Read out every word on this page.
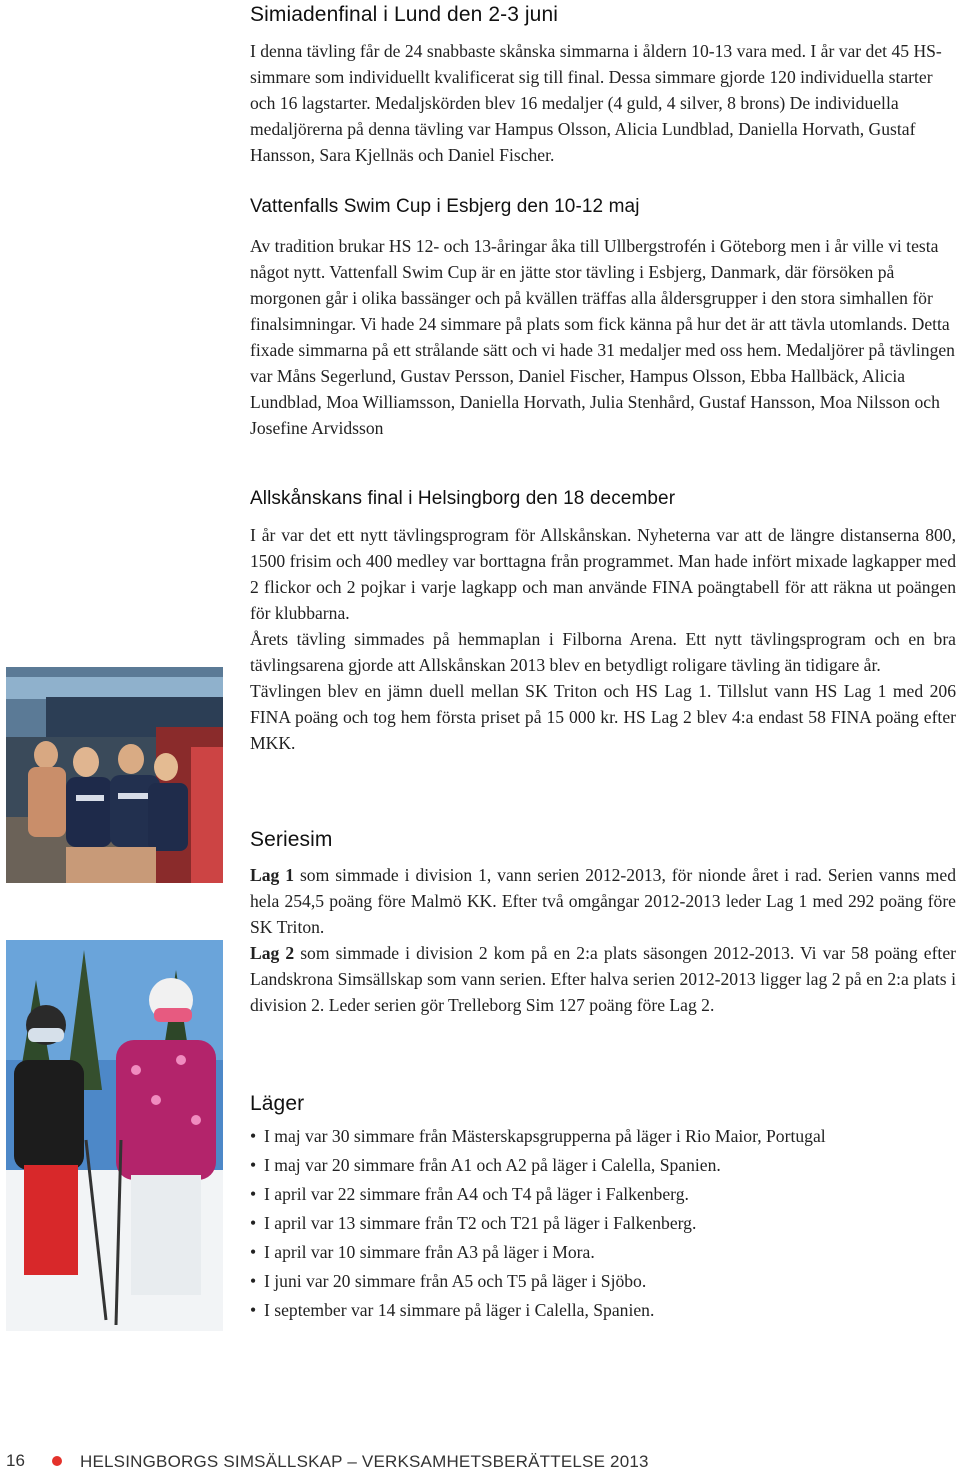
Simiadenfinal i Lund den 2-3 juni

I denna tävling får de 24 snabbaste skånska simmarna i åldern 10-13 vara med. I år var det 45 HS-simmare som individuellt kvalificerat sig till final. Dessa simmare gjorde 120 individuella starter och 16 lagstarter. Medaljskörden blev 16 medaljer (4 guld, 4 silver, 8 brons) De individuella medaljörerna på denna tävling var Hampus Olsson, Alicia Lundblad, Daniella Horvath, Gustaf Hansson, Sara Kjellnäs och Daniel Fischer.

Vattenfalls Swim Cup i Esbjerg den 10-12 maj

Av tradition brukar HS 12- och 13-åringar åka till Ullbergstrofén i Göteborg men i år ville vi testa något nytt. Vattenfall Swim Cup är en jätte stor tävling i Esbjerg, Danmark, där försöken på morgonen går i olika bassänger och på kvällen träffas alla åldersgrupper i den stora simhallen för finalsimningar. Vi hade 24 simmare på plats som fick känna på hur det är att tävla utomlands. Detta fixade simmarna på ett strålande sätt och vi hade 31 medaljer med oss hem. Medaljörer på tävlingen var Måns Segerlund, Gustav Persson, Daniel Fischer, Hampus Olsson, Ebba Hallbäck, Alicia Lundblad, Moa Williamsson, Daniella Horvath, Julia Stenhård, Gustaf Hansson, Moa Nilsson och Josefine Arvidsson

Allskånskans final i Helsingborg den 18 december

I år var det ett nytt tävlingsprogram för Allskånskan. Nyheterna var att de längre distanserna 800, 1500 frisim och 400 medley var borttagna från programmet. Man hade infört mixade lagkapper med 2 flickor och 2 pojkar i varje lagkapp och man använde FINA poängtabell för att räkna ut poängen för klubbarna.

Årets tävling simmades på hemmaplan i Filborna Arena. Ett nytt tävlingsprogram och en bra tävlingsarena gjorde att Allskånskan 2013 blev en betydligt roligare tävling än tidigare år.

Tävlingen blev en jämn duell mellan SK Triton och HS Lag 1. Tillslut vann HS Lag 1 med 206 FINA poäng och tog hem första priset på 15 000 kr. HS Lag 2 blev 4:a endast 58 FINA poäng efter MKK.

Seriesim

Lag 1 som simmade i division 1, vann serien 2012-2013, för nionde året i rad. Serien vanns med hela 254,5 poäng före Malmö KK. Efter två omgångar 2012-2013 leder Lag 1 med 292 poäng före SK Triton.

Lag 2 som simmade i division 2 kom på en 2:a plats säsongen 2012-2013. Vi var 58 poäng efter Landskrona Simsällskap som vann serien. Efter halva serien 2012-2013 ligger lag 2 på en 2:a plats i division 2. Leder serien gör Trelleborg Sim 127 poäng före Lag 2.

Läger
• I maj var 30 simmare från Mästerskapsgrupperna på läger i Rio Maior, Portugal
• I maj var 20 simmare från A1 och A2 på läger i Calella, Spanien.
• I april var 22 simmare från A4 och T4 på läger i Falkenberg.
• I april var 13 simmare från T2 och T21 på läger i Falkenberg.
• I april var 10 simmare från A3 på läger i Mora.
• I juni var 20 simmare från A5 och T5 på läger i Sjöbo.
• I september var 14 simmare på läger i Calella, Spanien.
16	HELSINGBORGS SIMSÄLLSKAP – VERKSAMHETSBERÄTTELSE 2013
